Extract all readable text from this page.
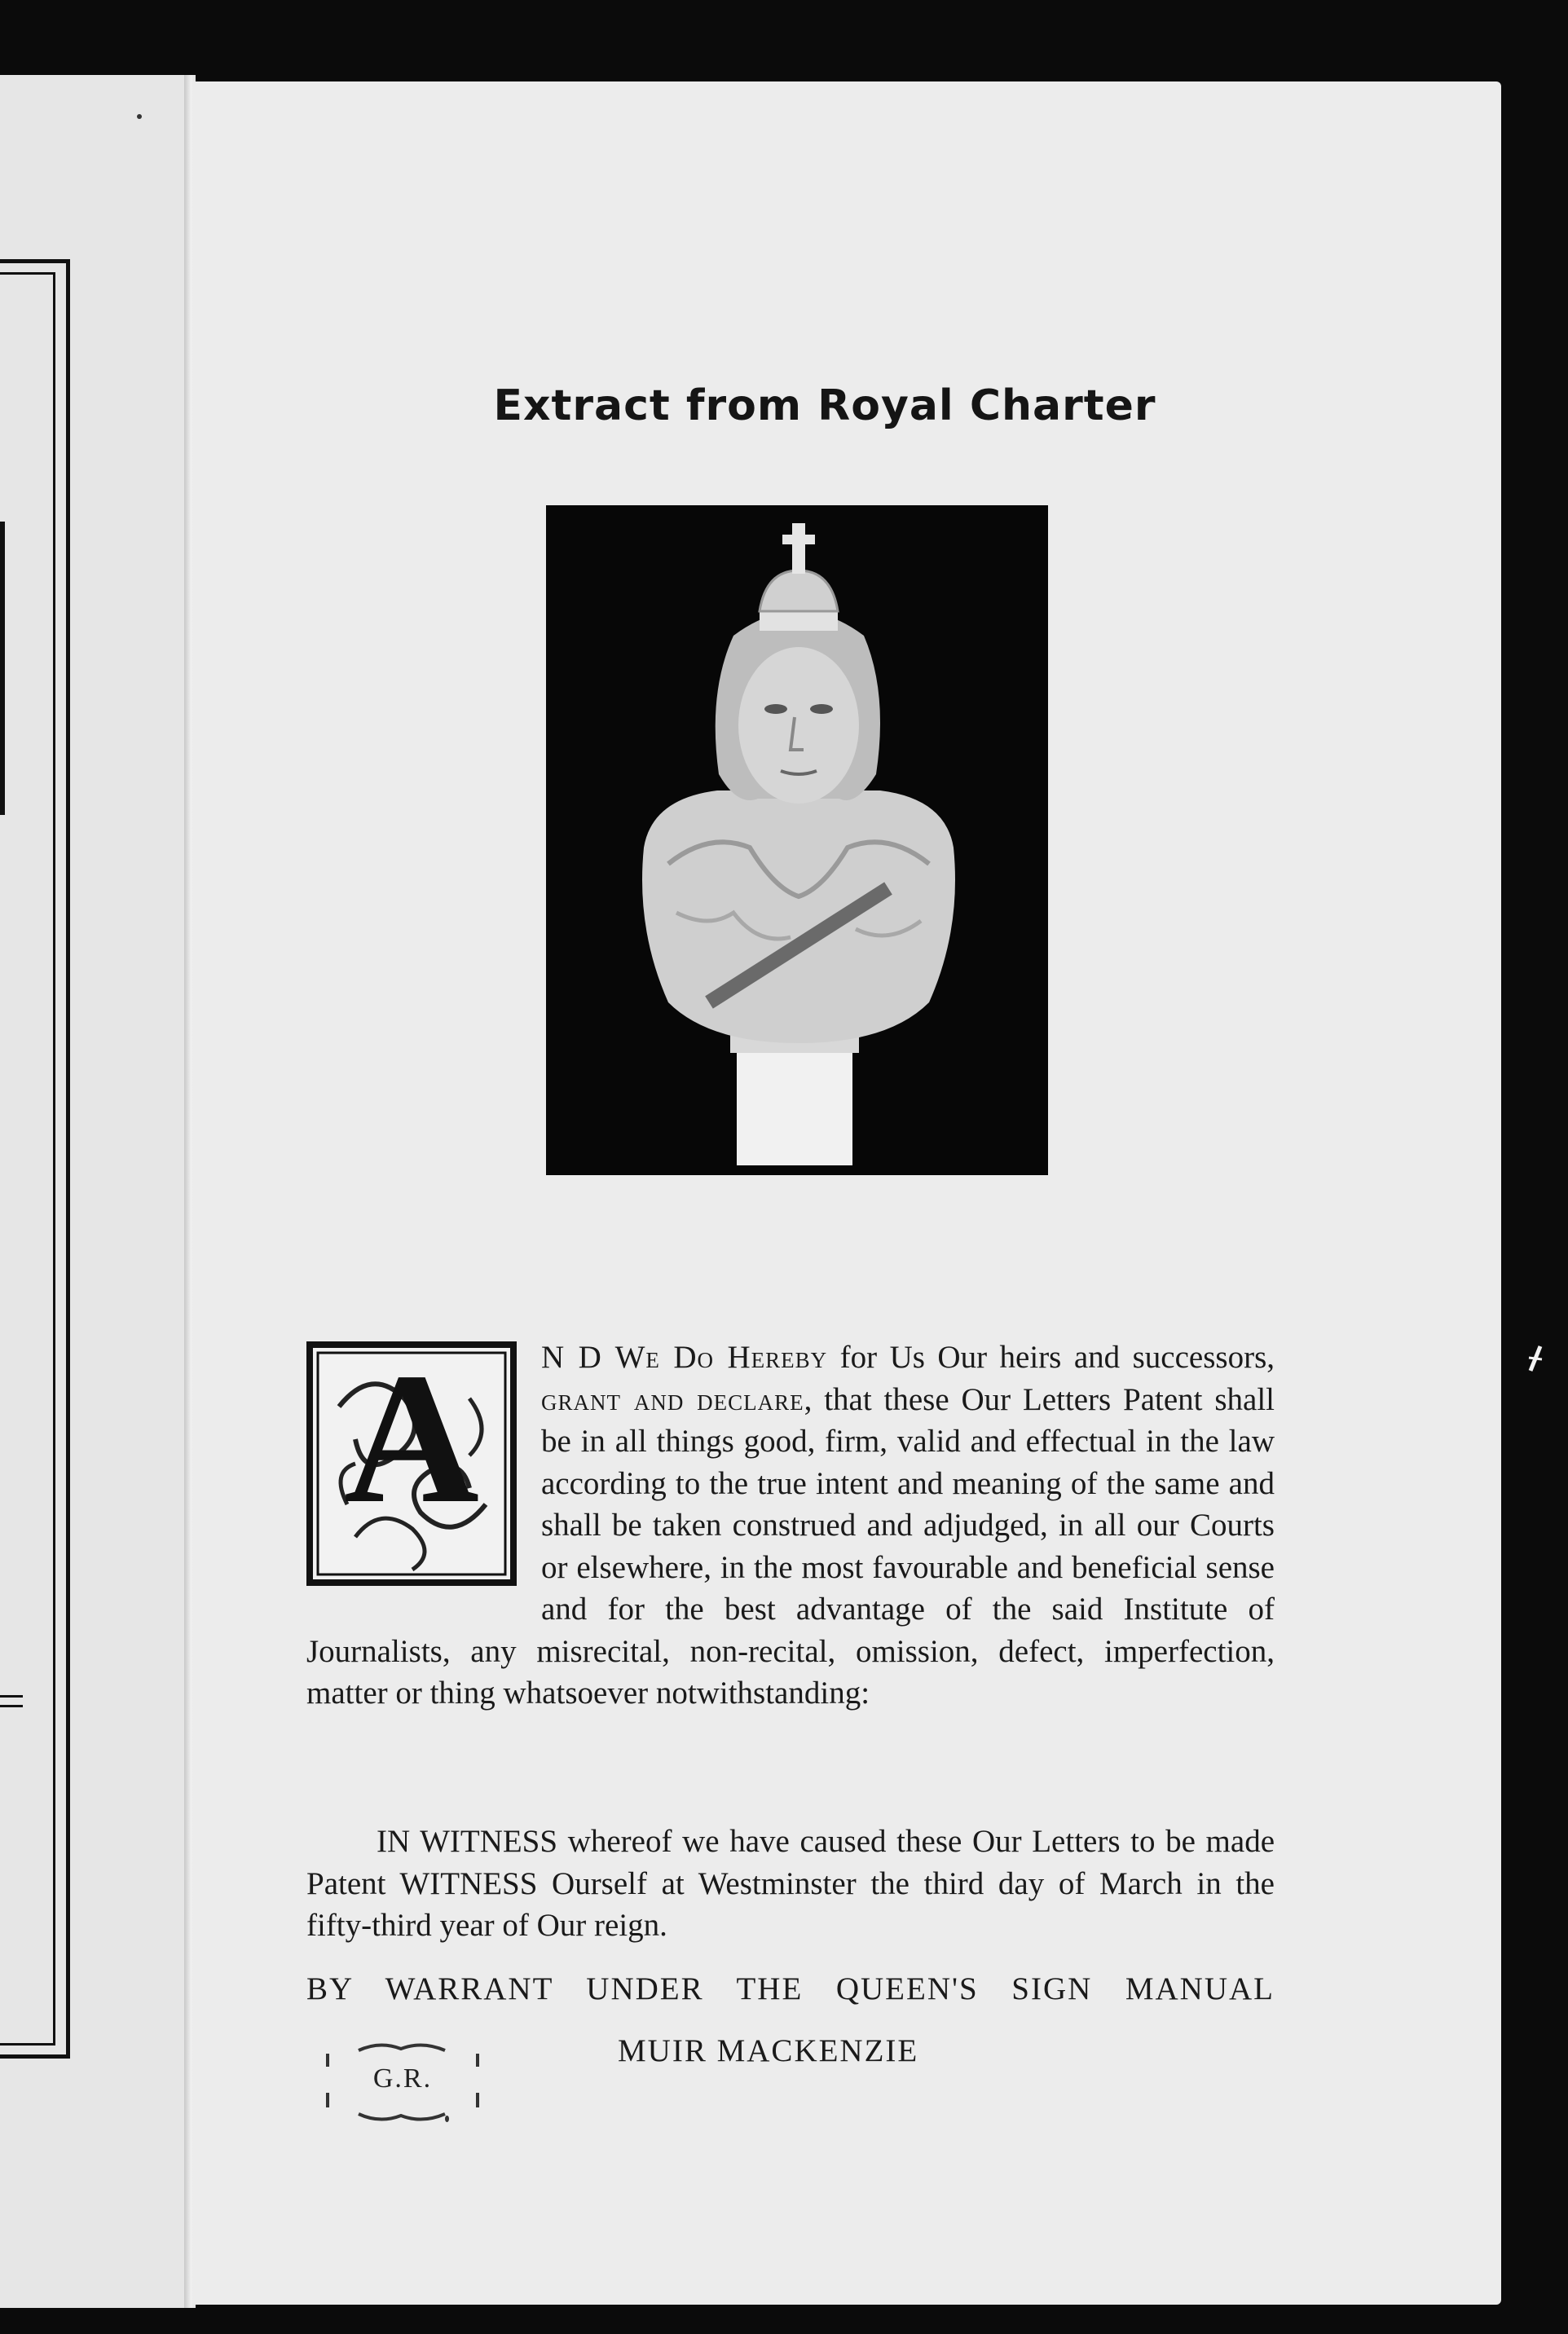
Extract from Royal Charter
A N D We Do Hereby for Us Our heirs and successors, grant and declare, that these Our Letters Patent shall be in all things good, firm, valid and effectual in the law according to the true intent and meaning of the same and shall be taken construed and adjudged, in all our Courts or elsewhere, in the most favourable and beneficial sense and for the best advantage of the said Institute of Journalists, any misrecital, non-recital, omission, defect, imperfection, matter or thing whatsoever notwithstanding:
IN WITNESS whereof we have caused these Our Letters to be made Patent WITNESS Ourself at Westminster the third day of March in the fifty-third year of Our reign.
BY WARRANT UNDER THE QUEEN'S SIGN MANUAL
MUIR MACKENZIE
G.R.
